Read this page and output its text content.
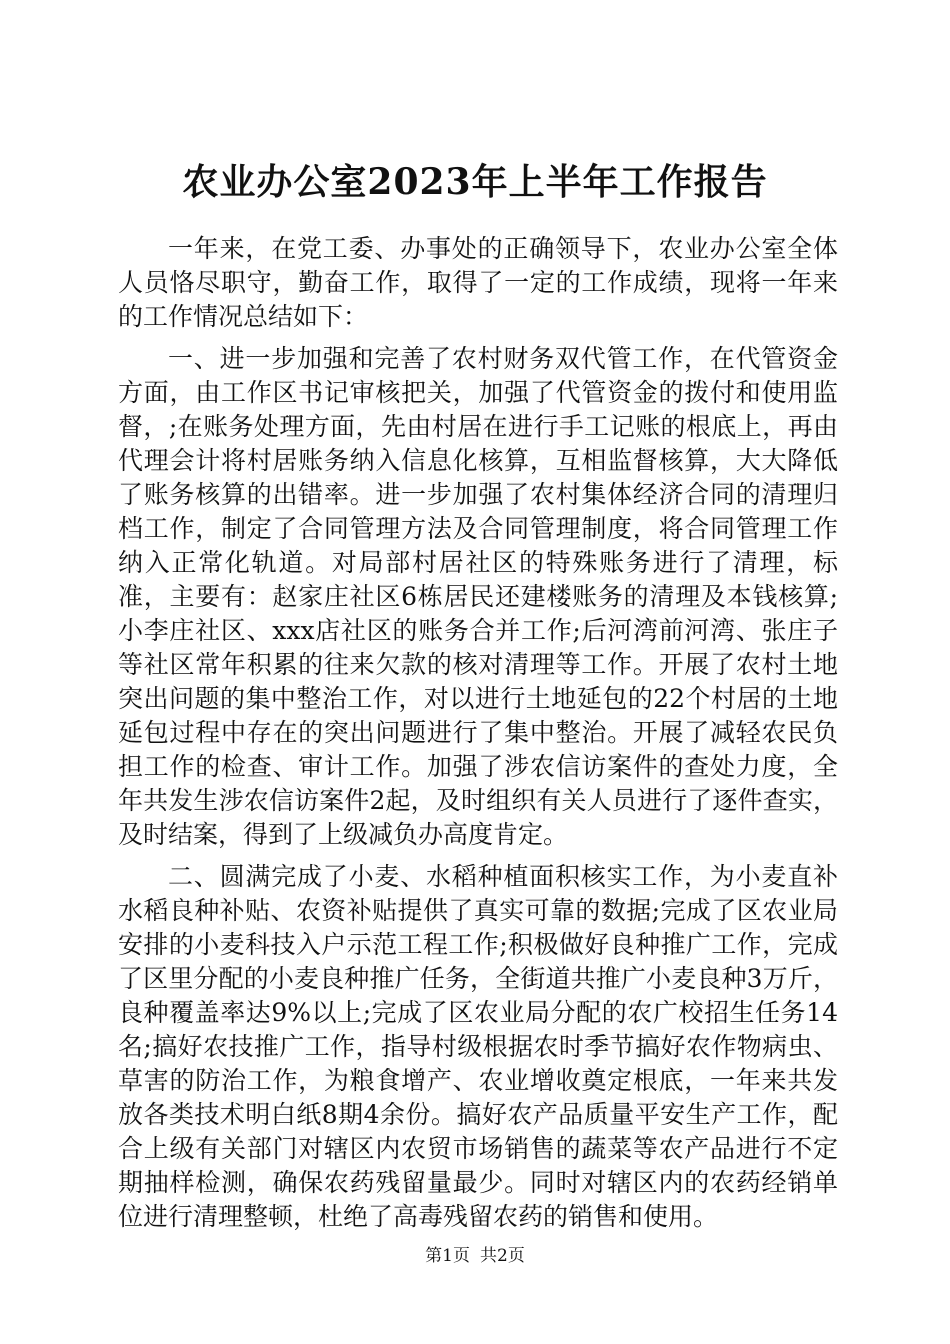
农业办公室2023年上半年工作报告

一年来，在党工委、办事处的正确领导下，农业办公室全体人员恪尽职守，勤奋工作，取得了一定的工作成绩，现将一年来的工作情况总结如下：

一、进一步加强和完善了农村财务双代管工作，在代管资金方面，由工作区书记审核把关，加强了代管资金的拨付和使用监督，;在账务处理方面，先由村居在进行手工记账的根底上，再由代理会计将村居账务纳入信息化核算，互相监督核算，大大降低了账务核算的出错率。进一步加强了农村集体经济合同的清理归档工作，制定了合同管理方法及合同管理制度，将合同管理工作纳入正常化轨道。对局部村居社区的特殊账务进行了清理，标准，主要有：赵家庄社区6栋居民还建楼账务的清理及本钱核算;小李庄社区、xxx店社区的账务合并工作;后河湾前河湾、张庄子等社区常年积累的往来欠款的核对清理等工作。开展了农村土地突出问题的集中整治工作，对以进行土地延包的22个村居的土地延包过程中存在的突出问题进行了集中整治。开展了减轻农民负担工作的检查、审计工作。加强了涉农信访案件的查处力度，全年共发生涉农信访案件2起，及时组织有关人员进行了逐件查实，及时结案，得到了上级减负办高度肯定。

二、圆满完成了小麦、水稻种植面积核实工作，为小麦直补水稻良种补贴、农资补贴提供了真实可靠的数据;完成了区农业局安排的小麦科技入户示范工程工作;积极做好良种推广工作，完成了区里分配的小麦良种推广任务，全街道共推广小麦良种3万斤，良种覆盖率达9%以上;完成了区农业局分配的农广校招生任务14名;搞好农技推广工作，指导村级根据农时季节搞好农作物病虫、草害的防治工作，为粮食增产、农业增收奠定根底，一年来共发放各类技术明白纸8期4余份。搞好农产品质量平安生产工作，配合上级有关部门对辖区内农贸市场销售的蔬菜等农产品进行不定期抽样检测，确保农药残留量最少。同时对辖区内的农药经销单位进行清理整顿，杜绝了高毒残留农药的销售和使用。

第1页 共2页
